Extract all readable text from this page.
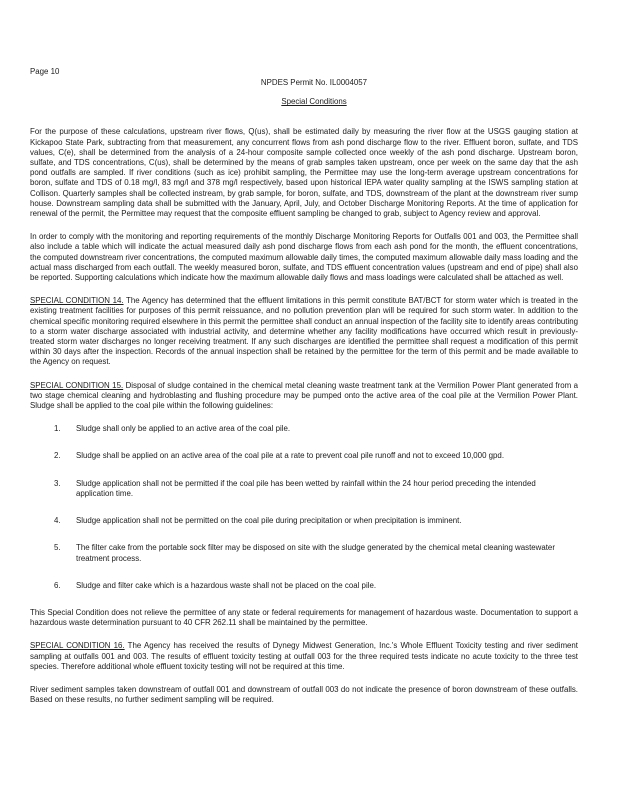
Page 10
NPDES Permit No. IL0004057
Special Conditions

For the purpose of these calculations, upstream river flows, Q(us), shall be estimated daily by measuring the river flow at the USGS gauging station at Kickapoo State Park, subtracting from that measurement, any concurrent flows from ash pond discharge flow to the river. Effluent boron, sulfate, and TDS values, C(e), shall be determined from the analysis of a 24-hour composite sample collected once weekly of the ash pond discharge. Upstream boron, sulfate, and TDS concentrations, C(us), shall be determined by the means of grab samples taken upstream, once per week on the same day that the ash pond outfalls are sampled. If river conditions (such as ice) prohibit sampling, the Permittee may use the long-term average upstream concentrations for boron, sulfate and TDS of 0.18 mg/l, 83 mg/l and 378 mg/l respectively, based upon historical IEPA water quality sampling at the ISWS sampling station at Collison. Quarterly samples shall be collected instream, by grab sample, for boron, sulfate, and TDS, downstream of the plant at the downstream river sump house. Downstream sampling data shall be submitted with the January, April, July, and October Discharge Monitoring Reports. At the time of application for renewal of the permit, the Permittee may request that the composite effluent sampling be changed to grab, subject to Agency review and approval.

In order to comply with the monitoring and reporting requirements of the monthly Discharge Monitoring Reports for Outfalls 001 and 003, the Permittee shall also include a table which will indicate the actual measured daily ash pond discharge flows from each ash pond for the month, the effluent concentrations, the computed downstream river concentrations, the computed maximum allowable daily times, the computed maximum allowable daily mass loading and the actual mass discharged from each outfall. The weekly measured boron, sulfate, and TDS effluent concentration values (upstream and end of pipe) shall also be reported. Supporting calculations which indicate how the maximum allowable daily flows and mass loadings were calculated shall be attached as well.

SPECIAL CONDITION 14. The Agency has determined that the effluent limitations in this permit constitute BAT/BCT for storm water which is treated in the existing treatment facilities for purposes of this permit reissuance, and no pollution prevention plan will be required for such storm water. In addition to the chemical specific monitoring required elsewhere in this permit the permittee shall conduct an annual inspection of the facility site to identify areas contributing to a storm water discharge associated with industrial activity, and determine whether any facility modifications have occurred which result in previously-treated storm water discharges no longer receiving treatment. If any such discharges are identified the permittee shall request a modification of this permit within 30 days after the inspection. Records of the annual inspection shall be retained by the permittee for the term of this permit and be made available to the Agency on request.

SPECIAL CONDITION 15. Disposal of sludge contained in the chemical metal cleaning waste treatment tank at the Vermilion Power Plant generated from a two stage chemical cleaning and hydroblasting and flushing procedure may be pumped onto the active area of the coal pile at the Vermilion Power Plant. Sludge shall be applied to the coal pile within the following guidelines:

1.	Sludge shall only be applied to an active area of the coal pile.
2.	Sludge shall be applied on an active area of the coal pile at a rate to prevent coal pile runoff and not to exceed 10,000 gpd.
3.	Sludge application shall not be permitted if the coal pile has been wetted by rainfall within the 24 hour period preceding the intended application time.
4.	Sludge application shall not be permitted on the coal pile during precipitation or when precipitation is imminent.
5.	The filter cake from the portable sock filter may be disposed on site with the sludge generated by the chemical metal cleaning wastewater treatment process.
6.	Sludge and filter cake which is a hazardous waste shall not be placed on the coal pile.

This Special Condition does not relieve the permittee of any state or federal requirements for management of hazardous waste. Documentation to support a hazardous waste determination pursuant to 40 CFR 262.11 shall be maintained by the permittee.

SPECIAL CONDITION 16. The Agency has received the results of Dynegy Midwest Generation, Inc.'s Whole Effluent Toxicity testing and river sediment sampling at outfalls 001 and 003. The results of effluent toxicity testing at outfall 003 for the three required tests indicate no acute toxicity to the three test species. Therefore additional whole effluent toxicity testing will not be required at this time.

River sediment samples taken downstream of outfall 001 and downstream of outfall 003 do not indicate the presence of boron downstream of these outfalls. Based on these results, no further sediment sampling will be required.
